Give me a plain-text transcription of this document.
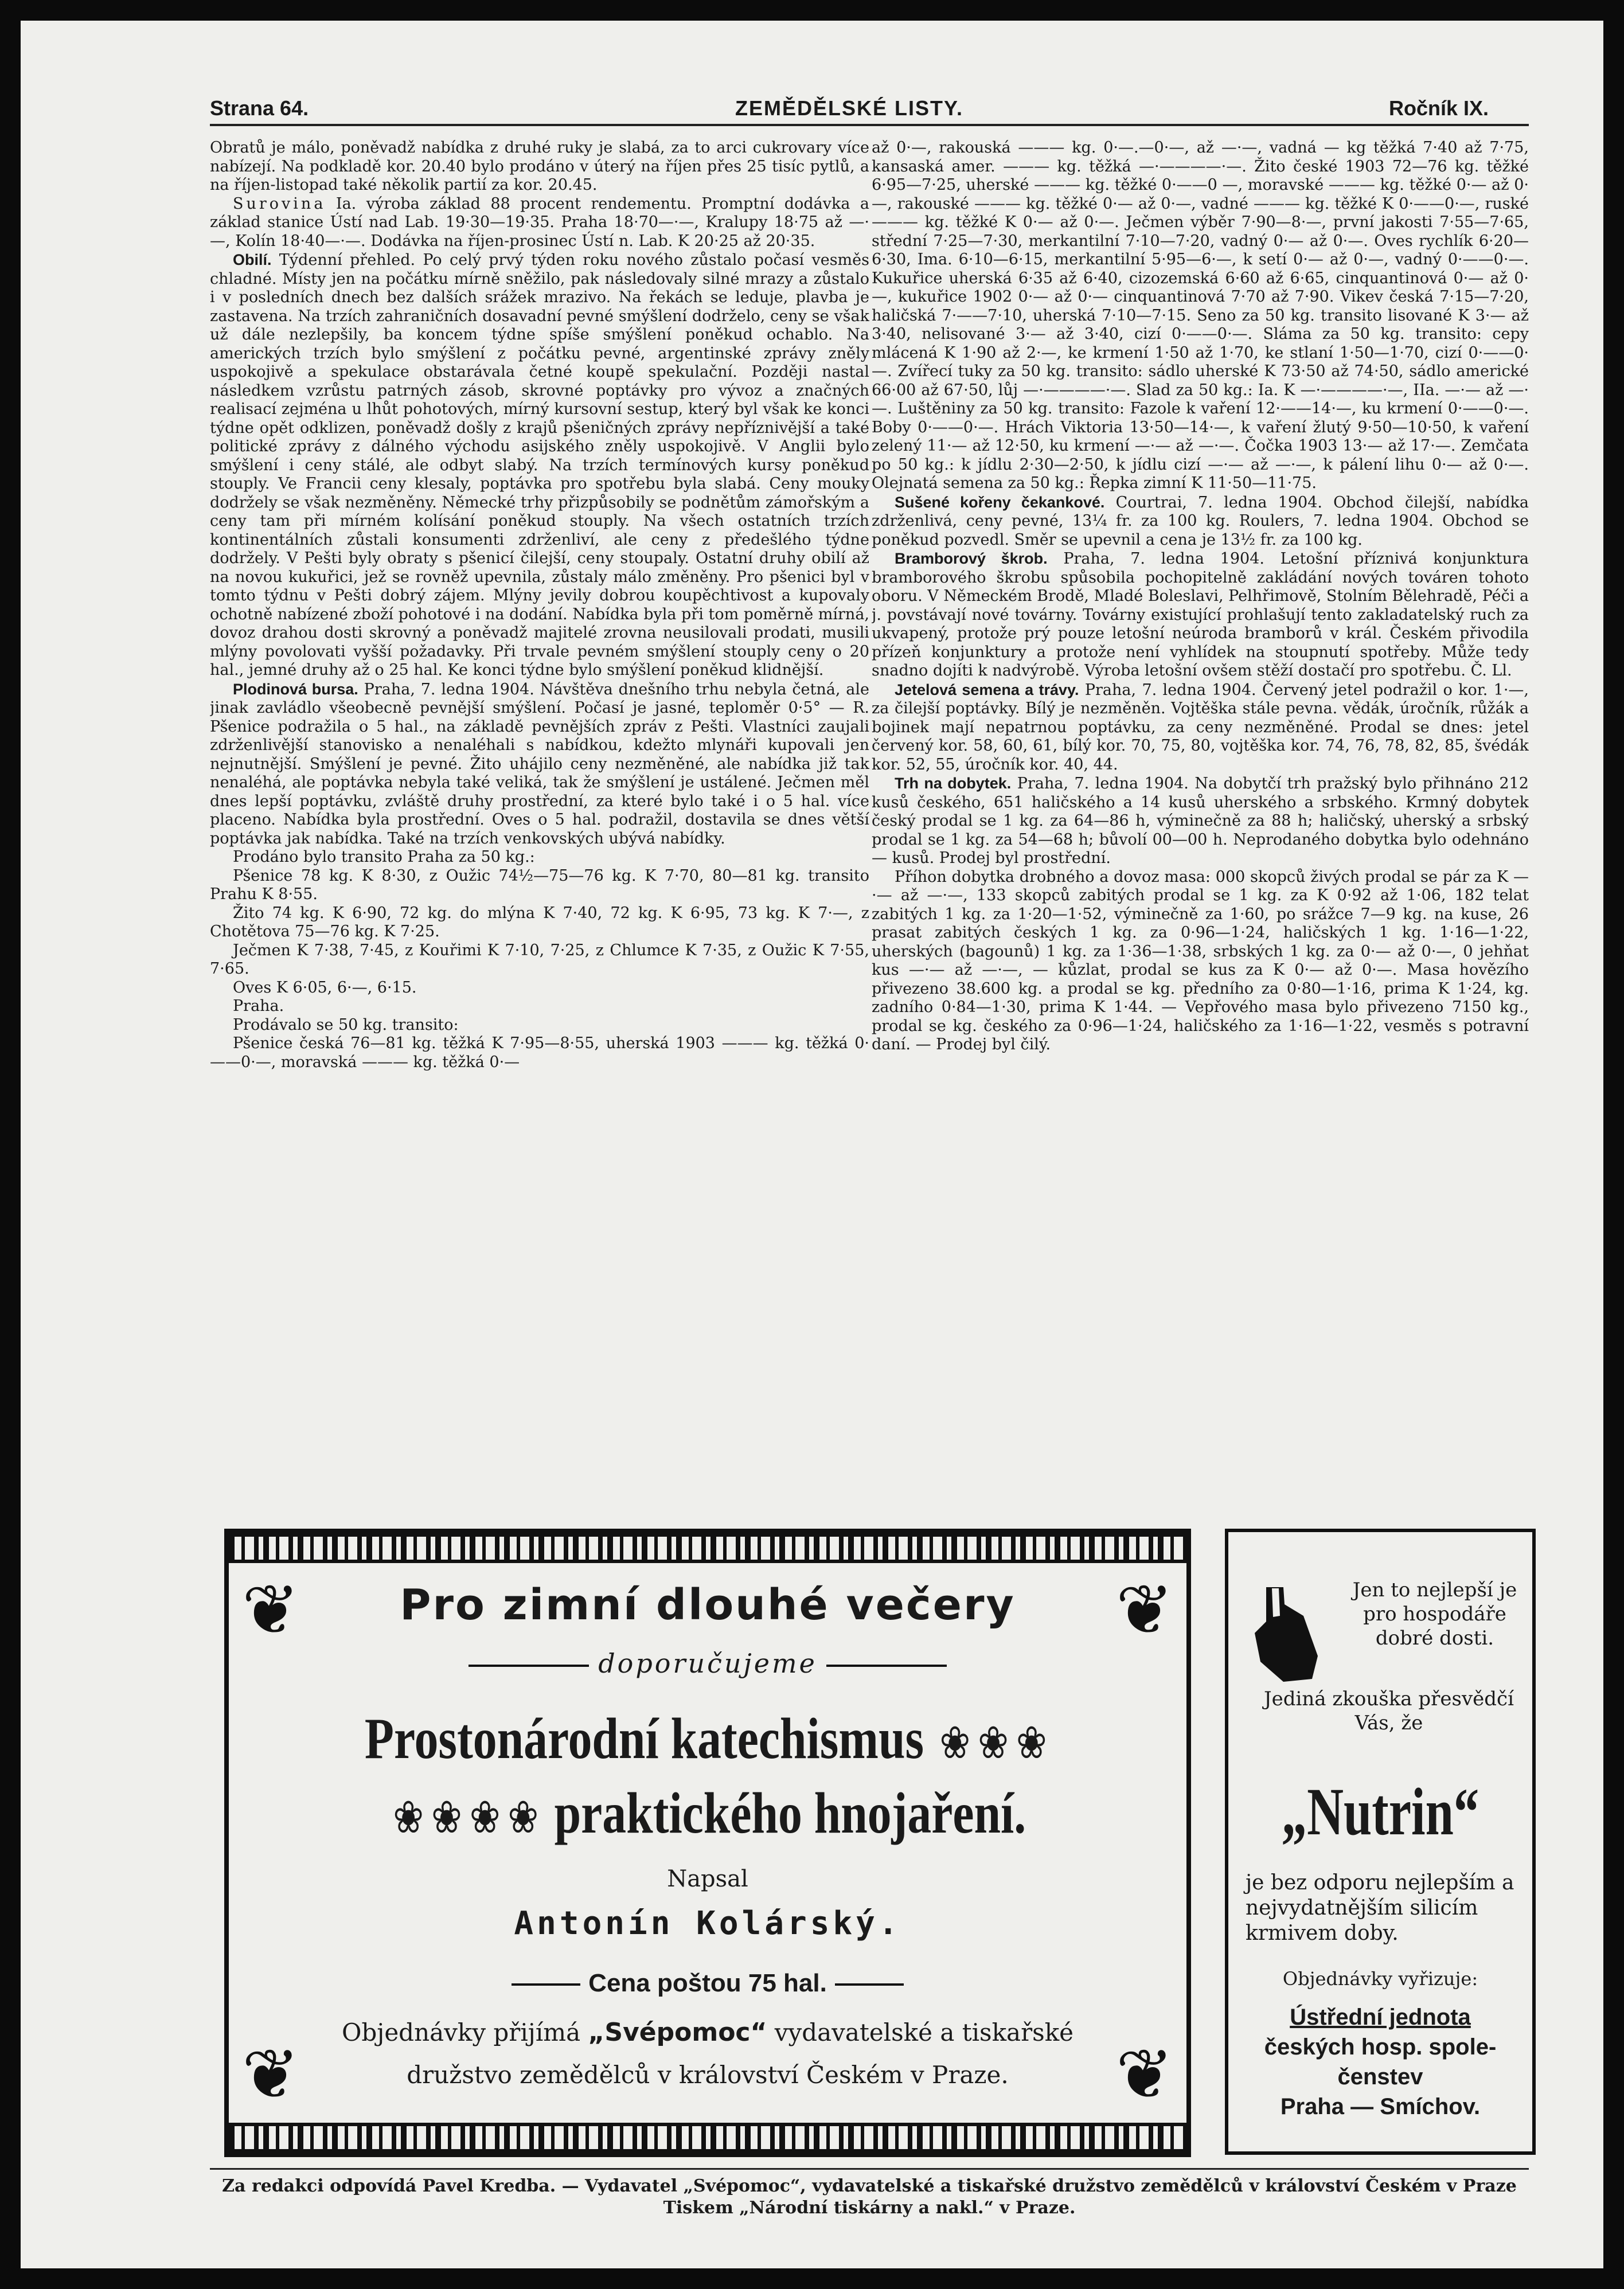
Strana 64.	ZEMĚDĚLSKÉ LISTY.	Ročník IX.

Obratů je málo, poněvadž nabídka z druhé ruky je slabá, za to arci cukrovary více nabízejí. Na podkladě kor. 20.40 bylo prodáno v úterý na říjen přes 25 tisíc pytlů, a na říjen-listopad také několik partií za kor. 20.45.

Surovina Ia. výroba základ 88 procent rendementu. Promptní dodávka a základ stanice Ústí nad Lab. 19·30—19·35. Praha 18·70—·—, Kralupy 18·75 až —·—, Kolín 18·40—·—. Dodávka na říjen-prosinec Ústí n. Lab. K 20·25 až 20·35.

Obilí. Týdenní přehled. Po celý prvý týden roku nového zůstalo počasí vesměs chladné. Místy jen na počátku mírně sněžilo, pak následovaly silné mrazy a zůstalo i v posledních dnech bez dalších srážek mrazivo. Na řekách se leduje, plavba je zastavena. Na trzích zahraničních dosavadní pevné smýšlení dodrželo, ceny se však už dále nezlepšily, ba koncem týdne spíše smýšlení poněkud ochablo. Na amerických trzích bylo smýšlení z počátku pevné, argentinské zprávy zněly uspokojivě a spekulace obstarávala četné koupě spekulační. Později nastal následkem vzrůstu patrných zásob, skrovné poptávky pro vývoz a značných realisací zejména u lhůt pohotových, mírný kursovní sestup, který byl však ke konci týdne opět odklizen, poněvadž došly z krajů pšeničných zprávy nepříznivější a také politické zprávy z dálného východu asijského zněly uspokojivě. V Anglii bylo smýšlení i ceny stálé, ale odbyt slabý. Na trzích termínových kursy poněkud stouply. Ve Francii ceny klesaly, poptávka pro spotřebu byla slabá. Ceny mouky dodržely se však nezměněny. Německé trhy přizpůsobily se podnětům zámořským a ceny tam při mírném kolísání poněkud stouply. Na všech ostatních trzích kontinentálních zůstali konsumenti zdrženliví, ale ceny z předešlého týdne dodržely. V Pešti byly obraty s pšenicí čilejší, ceny stoupaly. Ostatní druhy obilí až na novou kukuřici, jež se rovněž upevnila, zůstaly málo změněny. Pro pšenici byl v tomto týdnu v Pešti dobrý zájem. Mlýny jevily dobrou koupěchtivost a kupovaly ochotně nabízené zboží pohotové i na dodání. Nabídka byla při tom poměrně mírná, dovoz drahou dosti skrovný a poněvadž majitelé zrovna neusilovali prodati, musili mlýny povolovati vyšší požadavky. Při trvale pevném smýšlení stouply ceny o 20 hal., jemné druhy až o 25 hal. Ke konci týdne bylo smýšlení poněkud klidnější.

Plodinová bursa. Praha, 7. ledna 1904. Návštěva dnešního trhu nebyla četná, ale jinak zavládlo všeobecně pevnější smýšlení. Počasí je jasné, teploměr 0·5° — R. Pšenice podražila o 5 hal., na základě pevnějších zpráv z Pešti. Vlastníci zaujali zdrženlivější stanovisko a nenaléhali s nabídkou, kdežto mlynáři kupovali jen nejnutnější. Smýšlení je pevné. Žito uhájilo ceny nezměněné, ale nabídka již tak nenaléhá, ale poptávka nebyla také veliká, tak že smýšlení je ustálené. Ječmen měl dnes lepší poptávku, zvláště druhy prostřední, za které bylo také i o 5 hal. více placeno. Nabídka byla prostřední. Oves o 5 hal. podražil, dostavila se dnes větší poptávka jak nabídka. Také na trzích venkovských ubývá nabídky.

Prodáno bylo transito Praha za 50 kg.:

Pšenice 78 kg. K 8·30, z Oužic 74½—75—76 kg. K 7·70, 80—81 kg. transito Prahu K 8·55.

Žito 74 kg. K 6·90, 72 kg. do mlýna K 7·40, 72 kg. K 6·95, 73 kg. K 7·—, z Chotětova 75—76 kg. K 7·25.

Ječmen K 7·38, 7·45, z Kouřimi K 7·10, 7·25, z Chlumce K 7·35, z Oužic K 7·55, 7·65.

Oves K 6·05, 6·—, 6·15.

Praha.

Prodávalo se 50 kg. transito:

Pšenice česká 76—81 kg. těžká K 7·95—8·55, uherská 1903 ——— kg. těžká 0·——0·—, moravská ——— kg. těžká 0·—

až 0·—, rakouská ——— kg. 0·—.—0·—, až —·—, vadná — kg těžká 7·40 až 7·75, kansaská amer. ——— kg. těžká —·————·—. Žito české 1903 72—76 kg. těžké 6·95—7·25, uherské ——— kg. těžké 0·——0 —, moravské ——— kg. těžké 0·— až 0·—, rakouské ——— kg. těžké 0·— až 0·—, vadné ——— kg. těžké K 0·——0·—, ruské ——— kg. těžké K 0·— až 0·—. Ječmen výběr 7·90—8·—, první jakosti 7·55—7·65, střední 7·25—7·30, merkantilní 7·10—7·20, vadný 0·— až 0·—. Oves rychlík 6·20—6·30, Ima. 6·10—6·15, merkantilní 5·95—6·—, k setí 0·— až 0·—, vadný 0·——0·—. Kukuřice uherská 6·35 až 6·40, cizozemská 6·60 až 6·65, cinquantinová 0·— až 0·—, kukuřice 1902 0·— až 0·— cinquantinová 7·70 až 7·90. Vikev česká 7·15—7·20, haličská 7·——7·10, uherská 7·10—7·15. Seno za 50 kg. transito lisované K 3·— až 3·40, nelisované 3·— až 3·40, cizí 0·——0·—. Sláma za 50 kg. transito: cepy mlácená K 1·90 až 2·—, ke krmení 1·50 až 1·70, ke stlaní 1·50—1·70, cizí 0·——0·—. Zvířecí tuky za 50 kg. transito: sádlo uherské K 73·50 až 74·50, sádlo americké 66·00 až 67·50, lůj —·————·—. Slad za 50 kg.: Ia. K —·————·—, IIa. —·— až —·—. Luštěniny za 50 kg. transito: Fazole k vaření 12·——14·—, ku krmení 0·——0·—. Boby 0·——0·—. Hrách Viktoria 13·50—14·—, k vaření žlutý 9·50—10·50, k vaření zelený 11·— až 12·50, ku krmení —·— až —·—. Čočka 1903 13·— až 17·—. Zemčata po 50 kg.: k jídlu 2·30—2·50, k jídlu cizí —·— až —·—, k pálení lihu 0·— až 0·—. Olejnatá semena za 50 kg.: Řepka zimní K 11·50—11·75.

Sušené kořeny čekankové. Courtrai, 7. ledna 1904. Obchod čilejší, nabídka zdrženlivá, ceny pevné, 13¼ fr. za 100 kg. Roulers, 7. ledna 1904. Obchod se poněkud pozvedl. Směr se upevnil a cena je 13½ fr. za 100 kg.

Bramborový škrob. Praha, 7. ledna 1904. Letošní příznivá konjunktura bramborového škrobu spůsobila pochopitelně zakládání nových továren tohoto oboru. V Německém Brodě, Mladé Boleslavi, Pelhřimově, Stolním Bělehradě, Péči a j. povstávají nové továrny. Továrny existující prohlašují tento zakladatelský ruch za ukvapený, protože prý pouze letošní neúroda bramborů v král. Českém přivodila přízeň konjunktury a protože není vyhlídek na stoupnutí spotřeby. Může tedy snadno dojíti k nadvýrobě. Výroba letošní ovšem stěží dostačí pro spotřebu. Č. Ll.

Jetelová semena a trávy. Praha, 7. ledna 1904. Červený jetel podražil o kor. 1·—, za čilejší poptávky. Bílý je nezměněn. Vojtěška stále pevna. vědák, úročník, růžák a bojinek mají nepatrnou poptávku, za ceny nezměněné. Prodal se dnes: jetel červený kor. 58, 60, 61, bílý kor. 70, 75, 80, vojtěška kor. 74, 76, 78, 82, 85, švédák kor. 52, 55, úročník kor. 40, 44.

Trh na dobytek. Praha, 7. ledna 1904. Na dobytčí trh pražský bylo přihnáno 212 kusů českého, 651 haličského a 14 kusů uherského a srbského. Krmný dobytek český prodal se 1 kg. za 64—86 h, výminečně za 88 h; haličský, uherský a srbský prodal se 1 kg. za 54—68 h; bůvolí 00—00 h. Neprodaného dobytka bylo odehnáno — kusů. Prodej byl prostřední.

Příhon dobytka drobného a dovoz masa: 000 skopců živých prodal se pár za K —·— až —·—, 133 skopců zabitých prodal se 1 kg. za K 0·92 až 1·06, 182 telat zabitých 1 kg. za 1·20—1·52, výminečně za 1·60, po srážce 7—9 kg. na kuse, 26 prasat zabitých českých 1 kg. za 0·96—1·24, haličských 1 kg. 1·16—1·22, uherských (bagounů) 1 kg. za 1·36—1·38, srbských 1 kg. za 0·— až 0·—, 0 jehňat kus —·— až —·—, — kůzlat, prodal se kus za K 0·— až 0·—. Masa hovězího přivezeno 38.600 kg. a prodal se kg. předního za 0·80—1·16, prima K 1·24, kg. zadního 0·84—1·30, prima K 1·44. — Vepřového masa bylo přivezeno 7150 kg., prodal se kg. českého za 0·96—1·24, haličského za 1·16—1·22, vesměs s potravní daní. — Prodej byl čilý.

❦	❦
❦	❦
Pro zimní dlouhé večery
doporučujeme
Prostonárodní katechismus ❀ ❀ ❀
❀ ❀ ❀ ❀ praktického hnojaření.
Napsal
Antonín Kolárský.
Cena poštou 75 hal.
Objednávky přijímá „Svépomoc“ vydavatelské a tiskařské
družstvo zemědělců v království Českém v Praze.
Jen to nejlepší je pro hospodáře dobré dosti.
Jediná zkouška přesvědčí Vás, že
„Nutrin“
je bez odporu nejlepším a nejvydatnějším silicím krmivem doby.
Objednávky vyřizuje:
Ústřední jednota
českých hosp. spole-
čenstev
Praha — Smíchov.
Za redakci odpovídá Pavel Kredba. — Vydavatel „Svépomoc“, vydavatelské a tiskařské družstvo zemědělců v království Českém v Praze
Tiskem „Národní tiskárny a nakl.“ v Praze.
